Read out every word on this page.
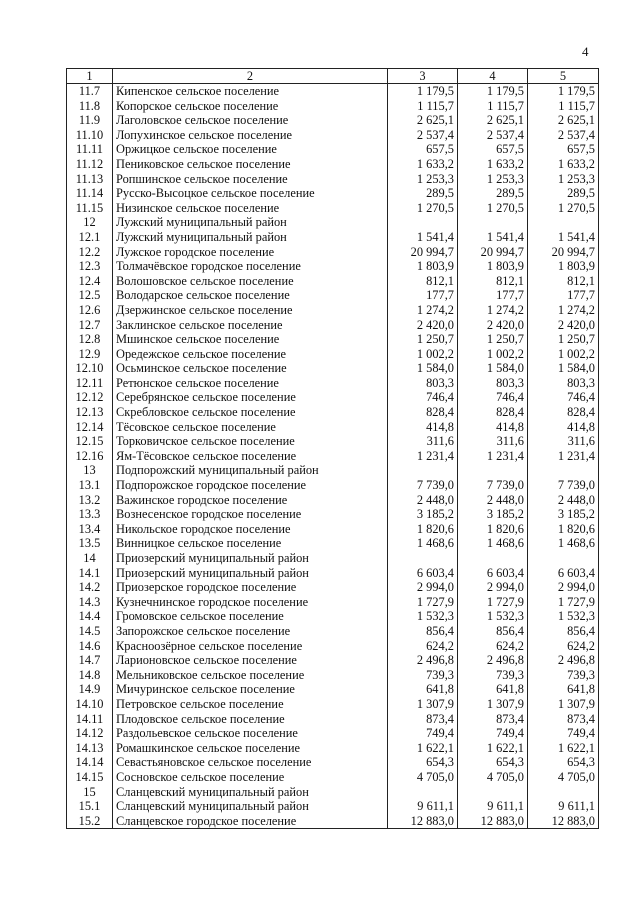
4
1	2	3	4	5
11.7	Кипенское сельское поселение	1 179,5	1 179,5	1 179,5
11.8	Копорское сельское поселение	1 115,7	1 115,7	1 115,7
11.9	Лаголовское сельское поселение	2 625,1	2 625,1	2 625,1
11.10	Лопухинское сельское поселение	2 537,4	2 537,4	2 537,4
11.11	Оржицкое сельское поселение	657,5	657,5	657,5
11.12	Пениковское сельское поселение	1 633,2	1 633,2	1 633,2
11.13	Ропшинское сельское поселение	1 253,3	1 253,3	1 253,3
11.14	Русско-Высоцкое сельское поселение	289,5	289,5	289,5
11.15	Низинское сельское поселение	1 270,5	1 270,5	1 270,5
12	Лужский муниципальный район			
12.1	Лужский муниципальный район	1 541,4	1 541,4	1 541,4
12.2	Лужское городское поселение	20 994,7	20 994,7	20 994,7
12.3	Толмачёвское городское поселение	1 803,9	1 803,9	1 803,9
12.4	Волошовское сельское поселение	812,1	812,1	812,1
12.5	Володарское сельское поселение	177,7	177,7	177,7
12.6	Дзержинское сельское поселение	1 274,2	1 274,2	1 274,2
12.7	Заклинское сельское поселение	2 420,0	2 420,0	2 420,0
12.8	Мшинское сельское поселение	1 250,7	1 250,7	1 250,7
12.9	Оредежское сельское поселение	1 002,2	1 002,2	1 002,2
12.10	Осьминское сельское поселение	1 584,0	1 584,0	1 584,0
12.11	Ретюнское сельское поселение	803,3	803,3	803,3
12.12	Серебрянское сельское поселение	746,4	746,4	746,4
12.13	Скребловское сельское поселение	828,4	828,4	828,4
12.14	Тёсовское сельское поселение	414,8	414,8	414,8
12.15	Торковичское сельское поселение	311,6	311,6	311,6
12.16	Ям-Тёсовское сельское поселение	1 231,4	1 231,4	1 231,4
13	Подпорожский муниципальный район			
13.1	Подпорожское городское поселение	7 739,0	7 739,0	7 739,0
13.2	Важинское городское поселение	2 448,0	2 448,0	2 448,0
13.3	Вознесенское городское поселение	3 185,2	3 185,2	3 185,2
13.4	Никольское городское поселение	1 820,6	1 820,6	1 820,6
13.5	Винницкое сельское поселение	1 468,6	1 468,6	1 468,6
14	Приозерский муниципальный район			
14.1	Приозерский муниципальный район	6 603,4	6 603,4	6 603,4
14.2	Приозерское городское поселение	2 994,0	2 994,0	2 994,0
14.3	Кузнечнинское городское поселение	1 727,9	1 727,9	1 727,9
14.4	Громовское сельское поселение	1 532,3	1 532,3	1 532,3
14.5	Запорожское сельское поселение	856,4	856,4	856,4
14.6	Красноозёрное сельское поселение	624,2	624,2	624,2
14.7	Ларионовское сельское поселение	2 496,8	2 496,8	2 496,8
14.8	Мельниковское сельское поселение	739,3	739,3	739,3
14.9	Мичуринское сельское поселение	641,8	641,8	641,8
14.10	Петровское сельское поселение	1 307,9	1 307,9	1 307,9
14.11	Плодовское сельское поселение	873,4	873,4	873,4
14.12	Раздольевское сельское поселение	749,4	749,4	749,4
14.13	Ромашкинское сельское поселение	1 622,1	1 622,1	1 622,1
14.14	Севастьяновское сельское поселение	654,3	654,3	654,3
14.15	Сосновское сельское поселение	4 705,0	4 705,0	4 705,0
15	Сланцевский муниципальный район			
15.1	Сланцевский муниципальный район	9 611,1	9 611,1	9 611,1
15.2	Сланцевское городское поселение	12 883,0	12 883,0	12 883,0
